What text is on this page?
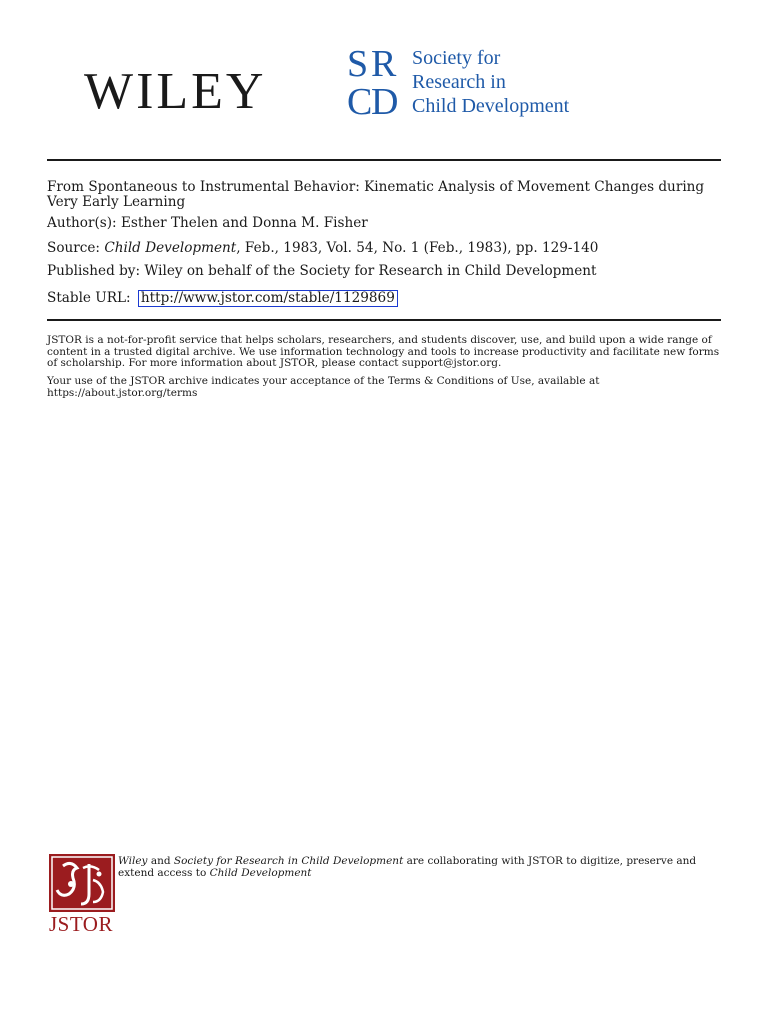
WILEY S R
C
D
Society for
Research in
Child Development
From Spontaneous to Instrumental Behavior: Kinematic Analysis of Movement Changes during Very Early Learning
Author(s): Esther Thelen and Donna M. Fisher
Source: Child Development, Feb., 1983, Vol. 54, No. 1 (Feb., 1983), pp. 129-140
Published by: Wiley on behalf of the Society for Research in Child Development
Stable URL: http://www.jstor.com/stable/1129869
JSTOR is a not-for-profit service that helps scholars, researchers, and students discover, use, and build upon a wide range of content in a trusted digital archive. We use information technology and tools to increase productivity and facilitate new forms of scholarship. For more information about JSTOR, please contact support@jstor.org.
Your use of the JSTOR archive indicates your acceptance of the Terms & Conditions of Use, available at https://about.jstor.org/terms
JSTOR
Wiley and Society for Research in Child Development are collaborating with JSTOR to digitize, preserve and extend access to Child Development
